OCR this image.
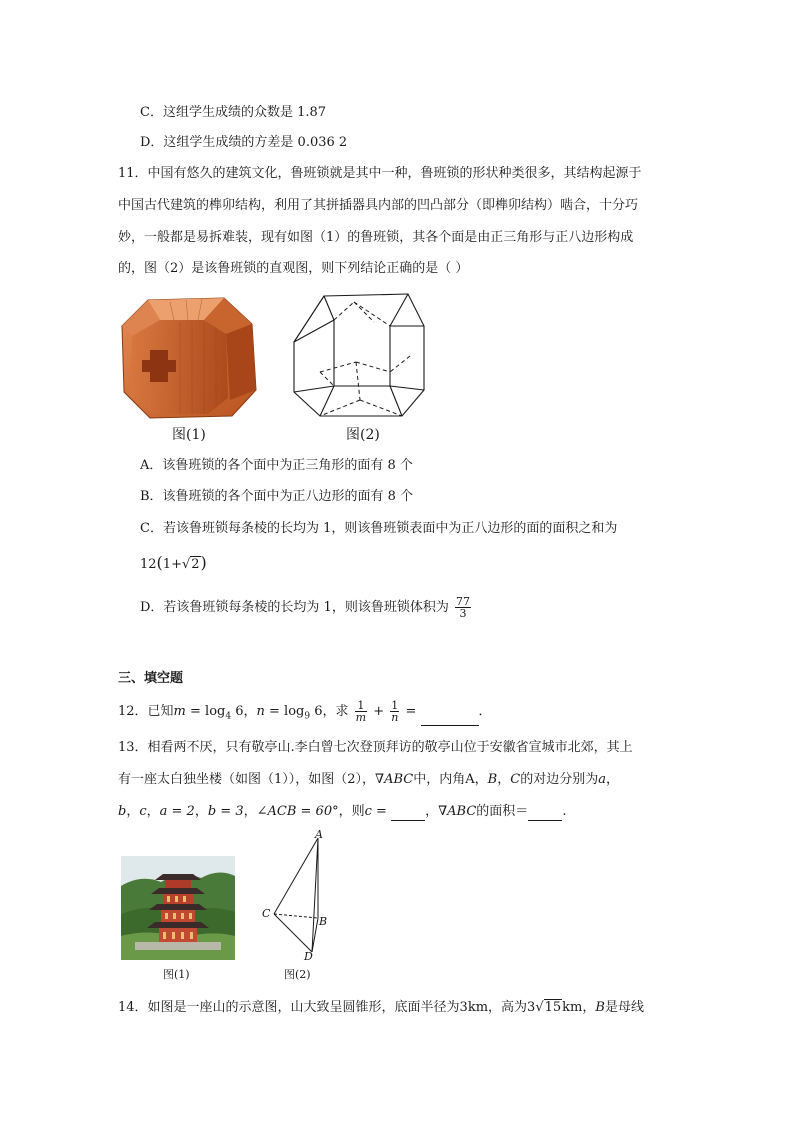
C．这组学生成绩的众数是 1.87
D．这组学生成绩的方差是 0.036 2
11．中国有悠久的建筑文化，鲁班锁就是其中一种，鲁班锁的形状种类很多，其结构起源于
中国古代建筑的榫卯结构，利用了其拼插器具内部的凹凸部分（即榫卯结构）啮合，十分巧
妙，一般都是易拆难装，现有如图（1）的鲁班锁，其各个面是由正三角形与正八边形构成
的，图（2）是该鲁班锁的直观图，则下列结论正确的是（ ）
图(1)	图(2)
A．该鲁班锁的各个面中为正三角形的面有 8 个
B．该鲁班锁的各个面中为正八边形的面有 8 个
C．若该鲁班锁每条棱的长均为 1，则该鲁班锁表面中为正八边形的面的面积之和为
12(1+√2)
D．若该鲁班锁每条棱的长均为 1，则该鲁班锁体积为 $\frac{77}{3}$
三、填空题
12．已知$m = \log_4 6$，$n = \log_9 6$，求 $\frac{1}{m} + \frac{1}{n}$ =	．
13．相看两不厌，只有敬亭山.李白曾七次登顶拜访的敬亭山位于安徽省宣城市北郊，其上
有一座太白独坐楼（如图（1）），如图（2），∇ABC中，内角A，B，C的对边分别为a，
b，c，a = 2，b = 3，∠ACB = 60°，则c =	，∇ABC的面积＝	.
图(1)
A
C
B
D
图(2)
14．如图是一座山的示意图，山大致呈圆锥形，底面半径为3km，高为3√15km，B是母线
